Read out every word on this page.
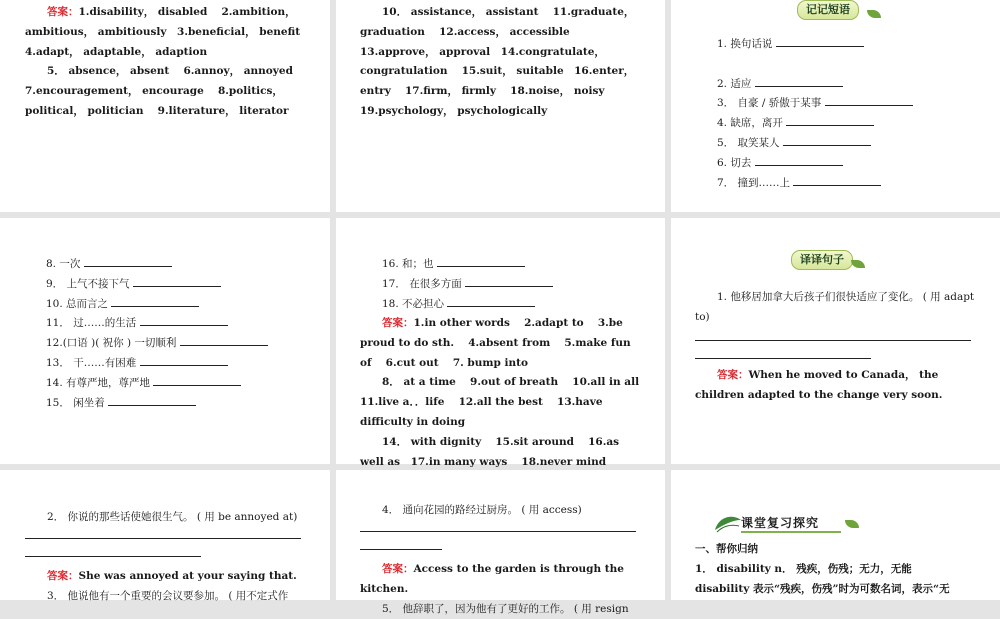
答案：1.disability， disabled　 2.ambition， ambitious， ambitiously　3.beneficial， benefit　 4.adapt， adaptable， adaption

5． absence， absent　 6.annoy， annoyed　 7.encouragement， encourage　 8.politics， political， politician　 9.literature， literator

10． assistance， assistant　 11.graduate， graduation　 12.access， accessible　 13.approve， approval　14.congratulate， congratulation　 15.suit， suitable　16.enter， entry　 17.firm， firmly　 18.noise， noisy 19.psychology， psychologically

记记短语

1. 换句话说

2. 适应

3． 自豪 / 骄傲于某事

4. 缺席，离开

5． 取笑某人

6. 切去

7． 撞到……上

8. 一次

9． 上气不接下气

10. 总而言之

11． 过……的生活

12.(口语 )( 祝你 ) 一切顺利

13． 干……有困难

14. 有尊严地，尊严地

15． 闲坐着

16. 和；也

17． 在很多方面

18. 不必担心

答案：1.in other words　 2.adapt to　 3.be proud to do sth.　 4.absent from　 5.make fun of　 6.cut out　 7. bump into

8． at a time　 9.out of breath　 10.all in all　 11.live a．．life　 12.all the best　 13.have difficulty in doing

14． with dignity　 15.sit around　 16.as well as　17.in many ways　 18.never mind

译译句子

1. 他移居加拿大后孩子们很快适应了变化。 ( 用 adapt to)

答案：When he moved to Canada， the children adapted to the change very soon.

2． 你说的那些话使她很生气。 ( 用 be annoyed at)

答案：She was annoyed at your saying that.

3． 他说他有一个重要的会议要参加。 ( 用不定式作

4． 通向花园的路经过厨房。 ( 用 access)

答案：Access to the garden is through the kitchen.

5． 他辞职了，因为他有了更好的工作。 ( 用 resign

课堂复习探究

一、帮你归纳

1． disability n． 残疾，伤残；无力，无能

disability 表示“残疾，伤残”时为可数名词，表示“无
